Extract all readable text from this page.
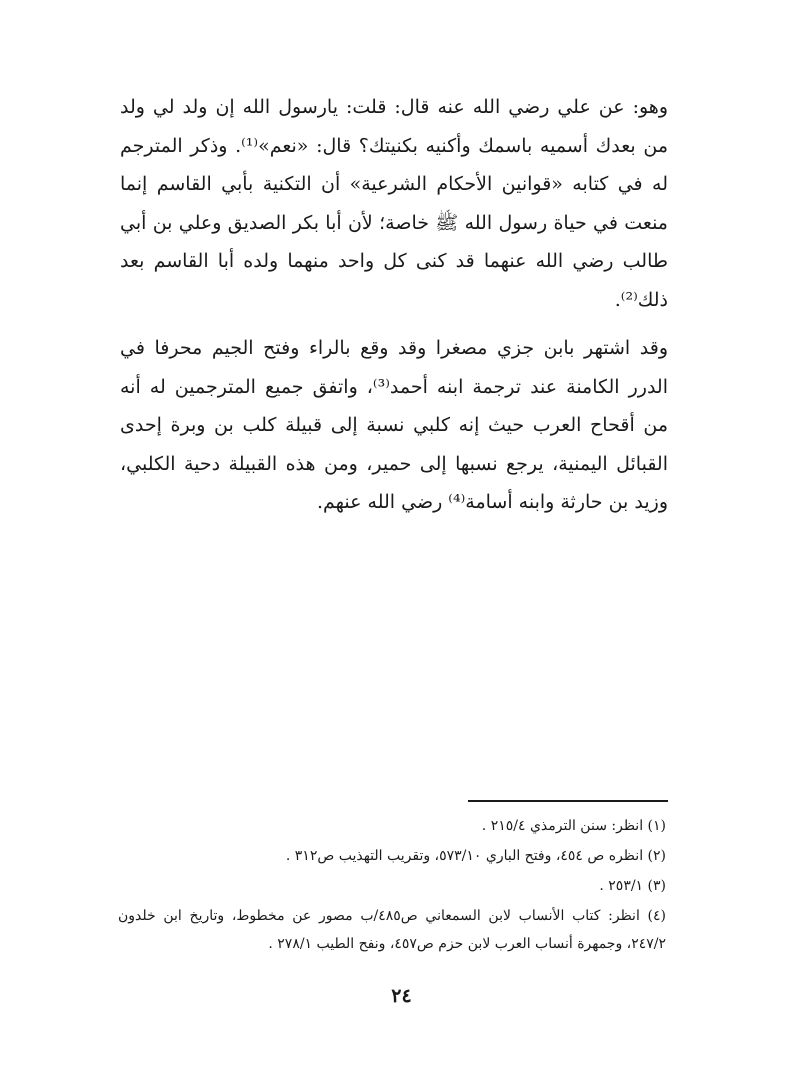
وهو: عن علي رضي الله عنه قال: قلت: يارسول الله إن ولد لي ولد من بعدك أسميه باسمك وأكنيه بكنيتك؟ قال: «نعم»⁽¹⁾. وذكر المترجم له في كتابه «قوانين الأحكام الشرعية» أن التكنية بأبي القاسم إنما منعت في حياة رسول الله ﷺ خاصة؛ لأن أبا بكر الصديق وعلي بن أبي طالب رضي الله عنهما قد كنى كل واحد منهما ولده أبا القاسم بعد ذلك⁽²⁾.

وقد اشتهر بابن جزي مصغرا وقد وقع بالراء وفتح الجيم محرفا في الدرر الكامنة عند ترجمة ابنه أحمد⁽³⁾، واتفق جميع المترجمين له أنه من أقحاح العرب حيث إنه كلبي نسبة إلى قبيلة كلب بن وبرة إحدى القبائل اليمنية، يرجع نسبها إلى حمير، ومن هذه القبيلة دحية الكلبي، وزيد بن حارثة وابنه أسامة⁽⁴⁾ رضي الله عنهم.

(١) انظر: سنن الترمذي ٢١٥/٤ .

(٢) انظره ص ٤٥٤، وفتح الباري ٥٧٣/١٠، وتقريب التهذيب ص٣١٢ .

(٣) ٢٥٣/١ .

(٤) انظر: كتاب الأنساب لابن السمعاني ص٤٨٥/ب مصور عن مخطوط، وتاريخ ابن خلدون ٢٤٧/٢، وجمهرة أنساب العرب لابن حزم ص٤٥٧، ونفح الطيب ٢٧٨/١ .

٢٤
